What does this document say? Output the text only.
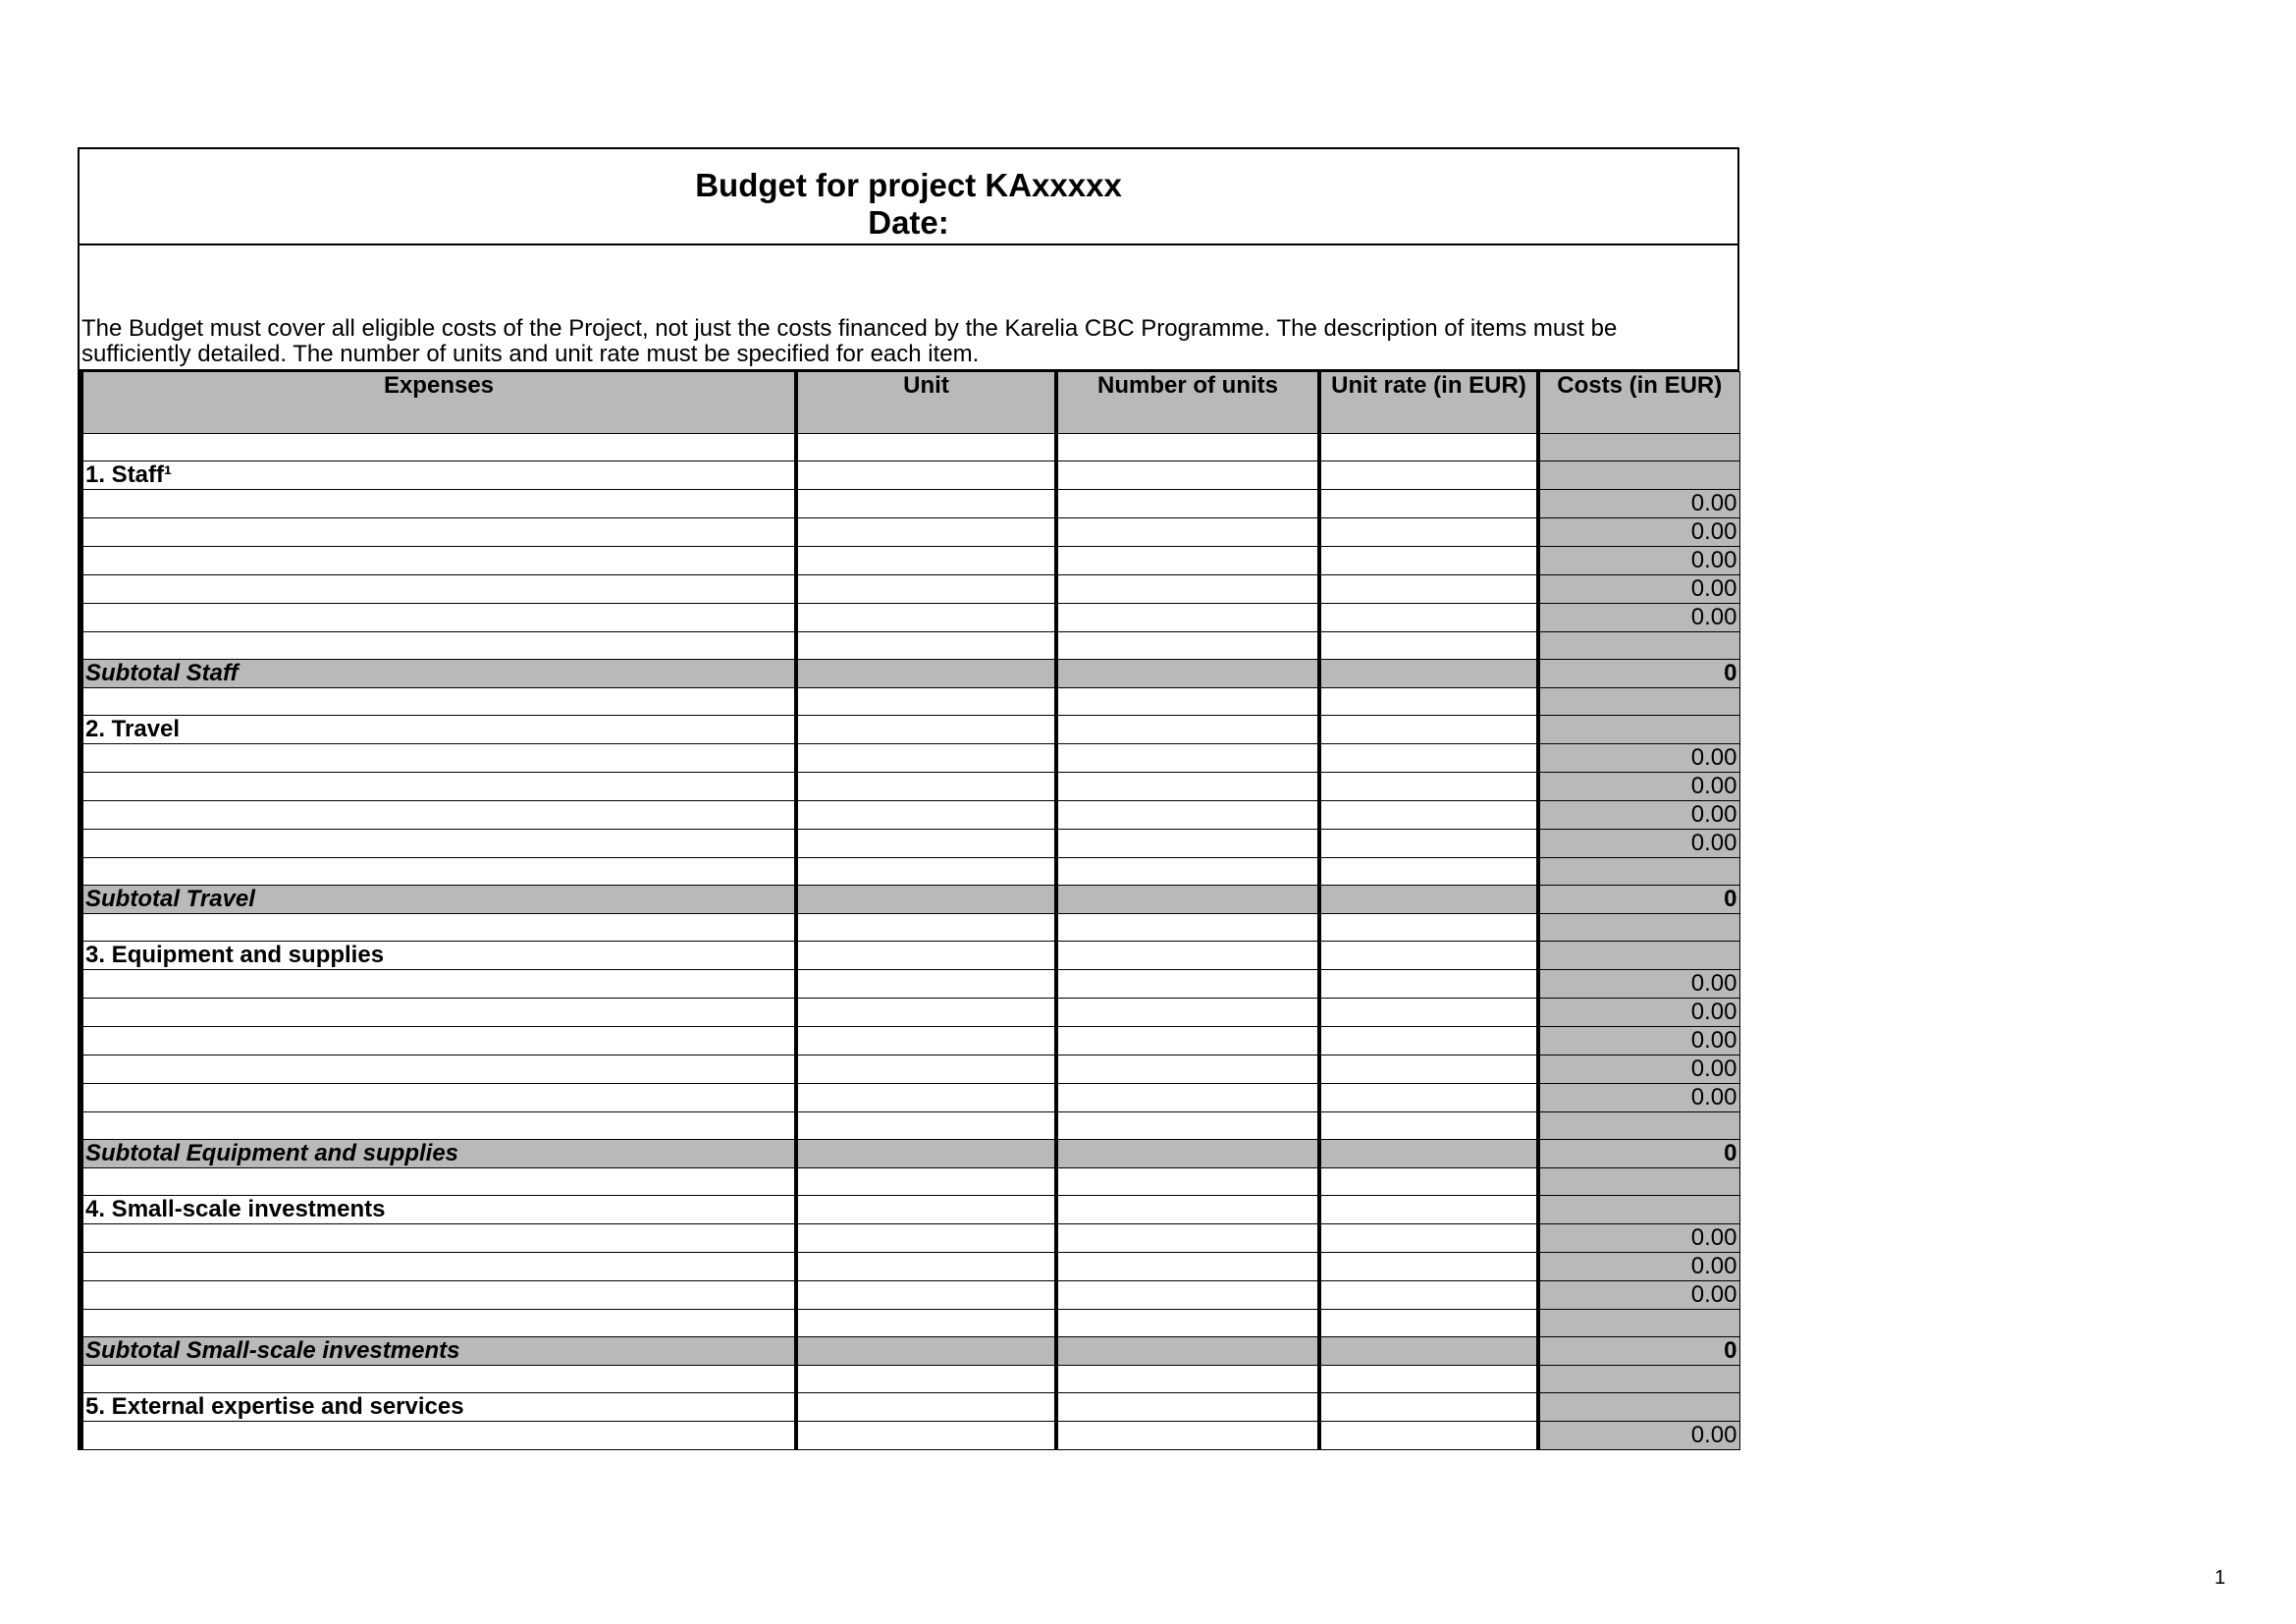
Budget for project KAxxxxx
Date:
The Budget must cover all eligible costs of the Project, not just the costs financed by the Karelia CBC Programme. The description of items must be sufficiently detailed. The number of units and unit rate must be specified for each item.
Expenses	Unit	Number of units	Unit rate (in EUR)	Costs (in EUR)

1. Staff¹				
				0.00
				0.00
				0.00
				0.00
				0.00

Subtotal Staff				0

2. Travel				
				0.00
				0.00
				0.00
				0.00

Subtotal Travel				0

3. Equipment and supplies				
				0.00
				0.00
				0.00
				0.00
				0.00

Subtotal Equipment and supplies				0

4. Small-scale investments				
				0.00
				0.00
				0.00

Subtotal Small-scale investments				0

5. External expertise and services				
				0.00
1
